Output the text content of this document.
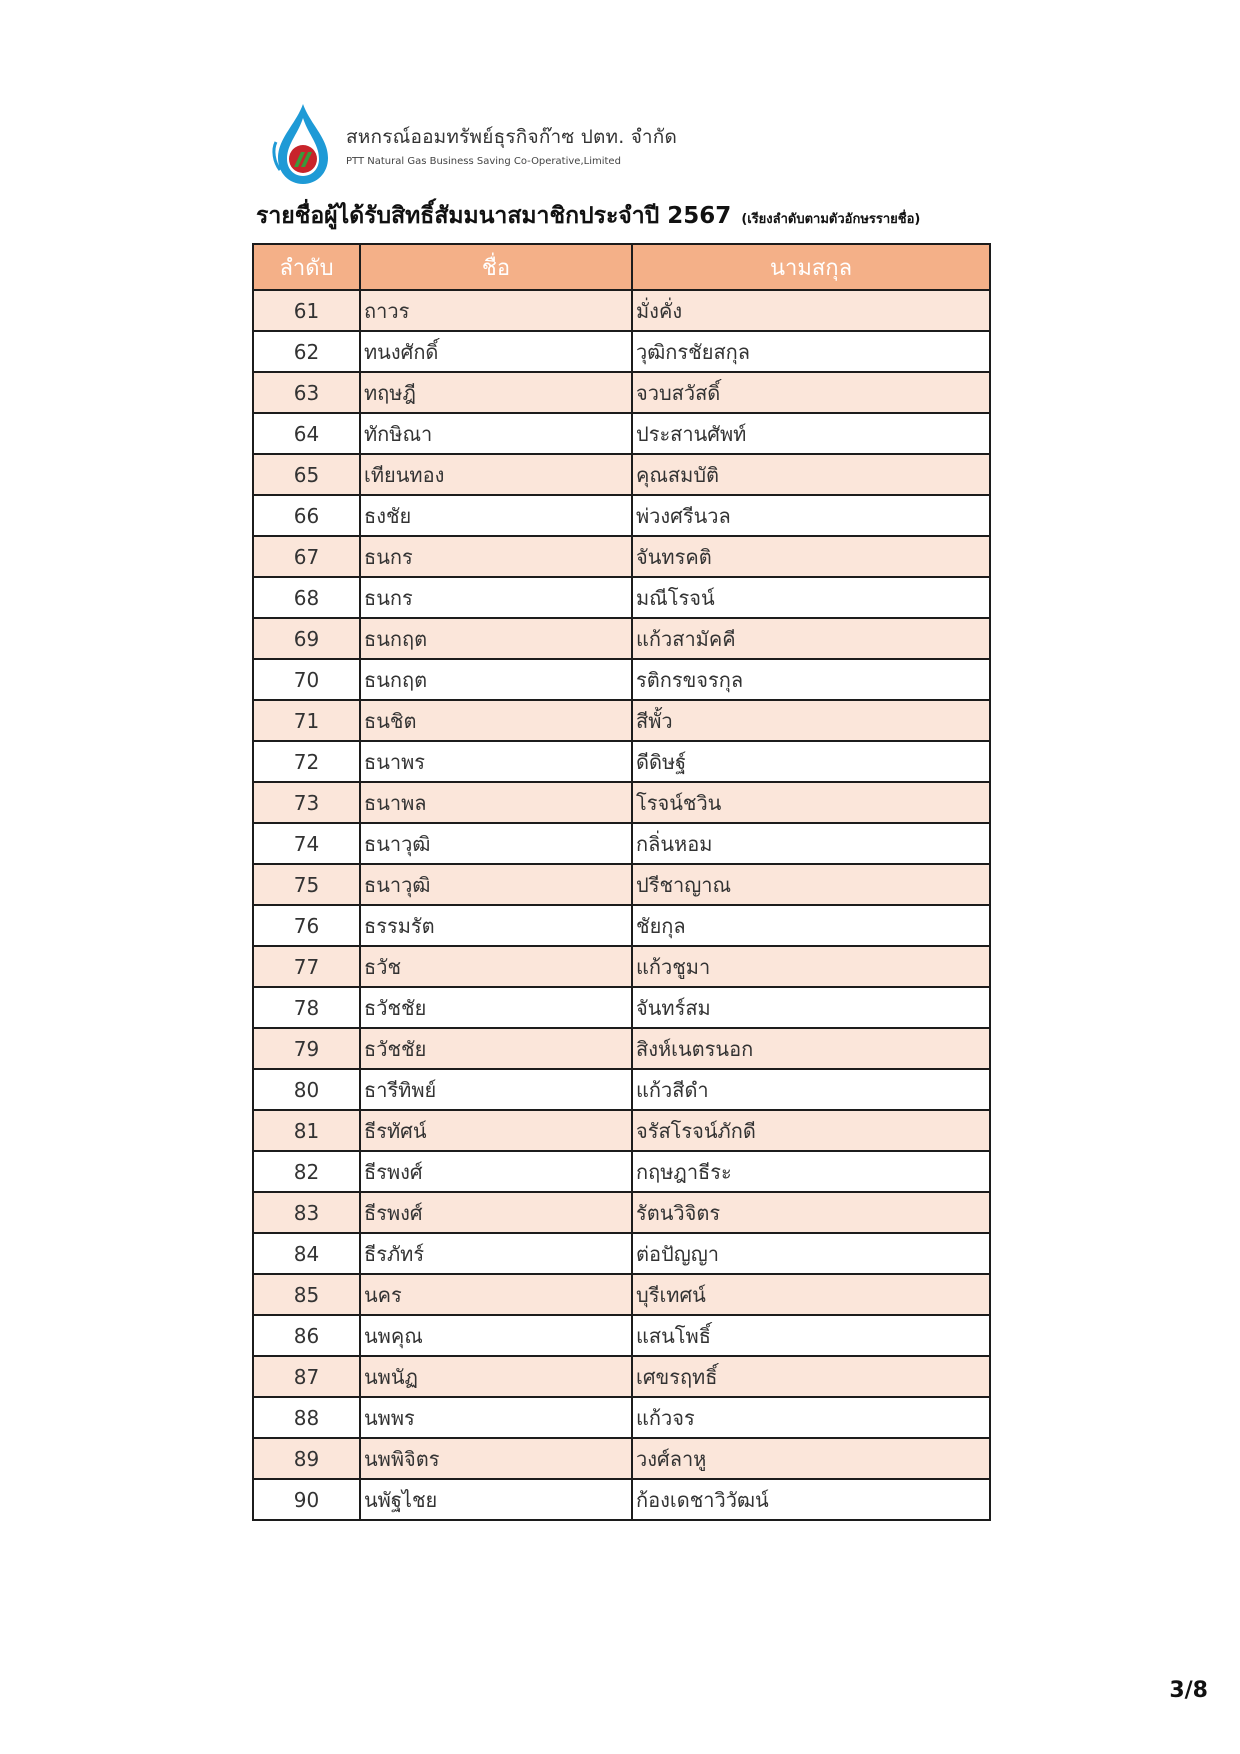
สหกรณ์ออมทรัพย์ธุรกิจก๊าซ ปตท. จำกัด
PTT Natural Gas Business Saving Co-Operative,Limited
รายชื่อผู้ได้รับสิทธิ์สัมมนาสมาชิกประจำปี 2567 (เรียงลำดับตามตัวอักษรรายชื่อ)
ลำดับ	ชื่อ	นามสกุล
61	ถาวร	มั่งคั่ง
62	ทนงศักดิ์	วุฒิกรชัยสกุล
63	ทฤษฎี	จวบสวัสดิ์
64	ทักษิณา	ประสานศัพท์
65	เทียนทอง	คุณสมบัติ
66	ธงชัย	พ่วงศรีนวล
67	ธนกร	จันทรคติ
68	ธนกร	มณีโรจน์
69	ธนกฤต	แก้วสามัคคี
70	ธนกฤต	รติกรขจรกุล
71	ธนชิต	สีพั้ว
72	ธนาพร	ดีดิษฐ์
73	ธนาพล	โรจน์ชวิน
74	ธนาวุฒิ	กลิ่นหอม
75	ธนาวุฒิ	ปรีชาญาณ
76	ธรรมรัต	ชัยกุล
77	ธวัช	แก้วชูมา
78	ธวัชชัย	จันทร์สม
79	ธวัชชัย	สิงห์เนตรนอก
80	ธารีทิพย์	แก้วสีดำ
81	ธีรทัศน์	จรัสโรจน์ภักดี
82	ธีรพงศ์	กฤษฎาธีระ
83	ธีรพงศ์	รัตนวิจิตร
84	ธีรภัทร์	ต่อปัญญา
85	นคร	บุรีเทศน์
86	นพคุณ	แสนโพธิ์
87	นพนัฏ	เศขรฤทธิ์
88	นพพร	แก้วจร
89	นพพิจิตร	วงศ์ลาหู
90	นพัฐไชย	ก้องเดชาวิวัฒน์
3/8
